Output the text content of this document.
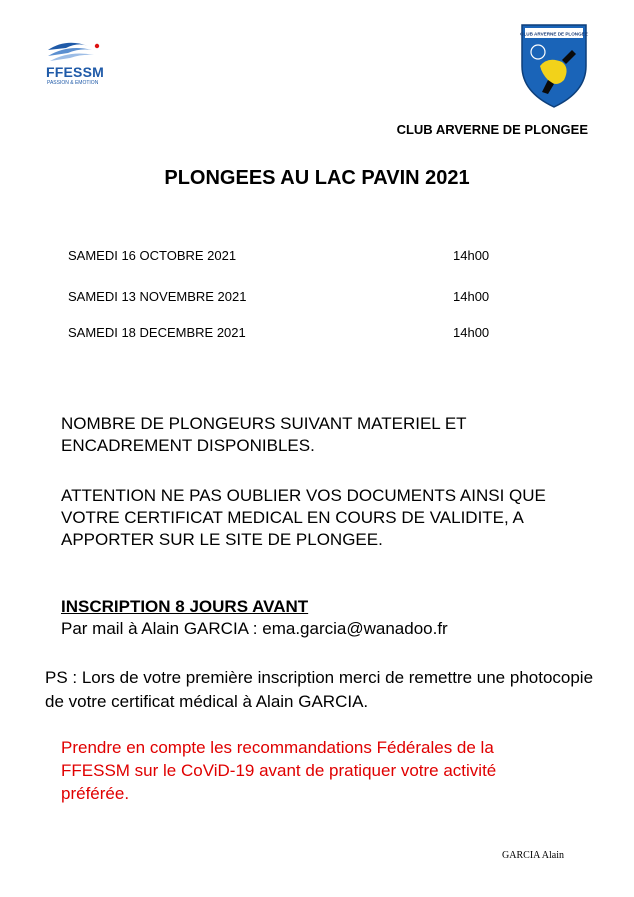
FFESSM
PASSION & EMOTION
CLUB ARVERNE DE PLONGEE
CLUB ARVERNE DE PLONGEE
PLONGEES AU LAC PAVIN 2021
SAMEDI 16 OCTOBRE 2021	14h00
SAMEDI 13 NOVEMBRE 2021	14h00
SAMEDI 18 DECEMBRE 2021	14h00

NOMBRE DE PLONGEURS SUIVANT MATERIEL ET ENCADREMENT DISPONIBLES.

ATTENTION NE PAS OUBLIER VOS DOCUMENTS AINSI QUE VOTRE CERTIFICAT MEDICAL EN COURS DE VALIDITE, A APPORTER SUR LE SITE DE PLONGEE.

INSCRIPTION 8 JOURS AVANT
Par mail à Alain GARCIA : ema.garcia@wanadoo.fr

PS : Lors de votre première inscription merci de remettre une photocopie de votre certificat médical à Alain GARCIA.

Prendre en compte les recommandations Fédérales de la FFESSM sur le CoViD-19 avant de pratiquer votre activité préférée.

GARCIA Alain
